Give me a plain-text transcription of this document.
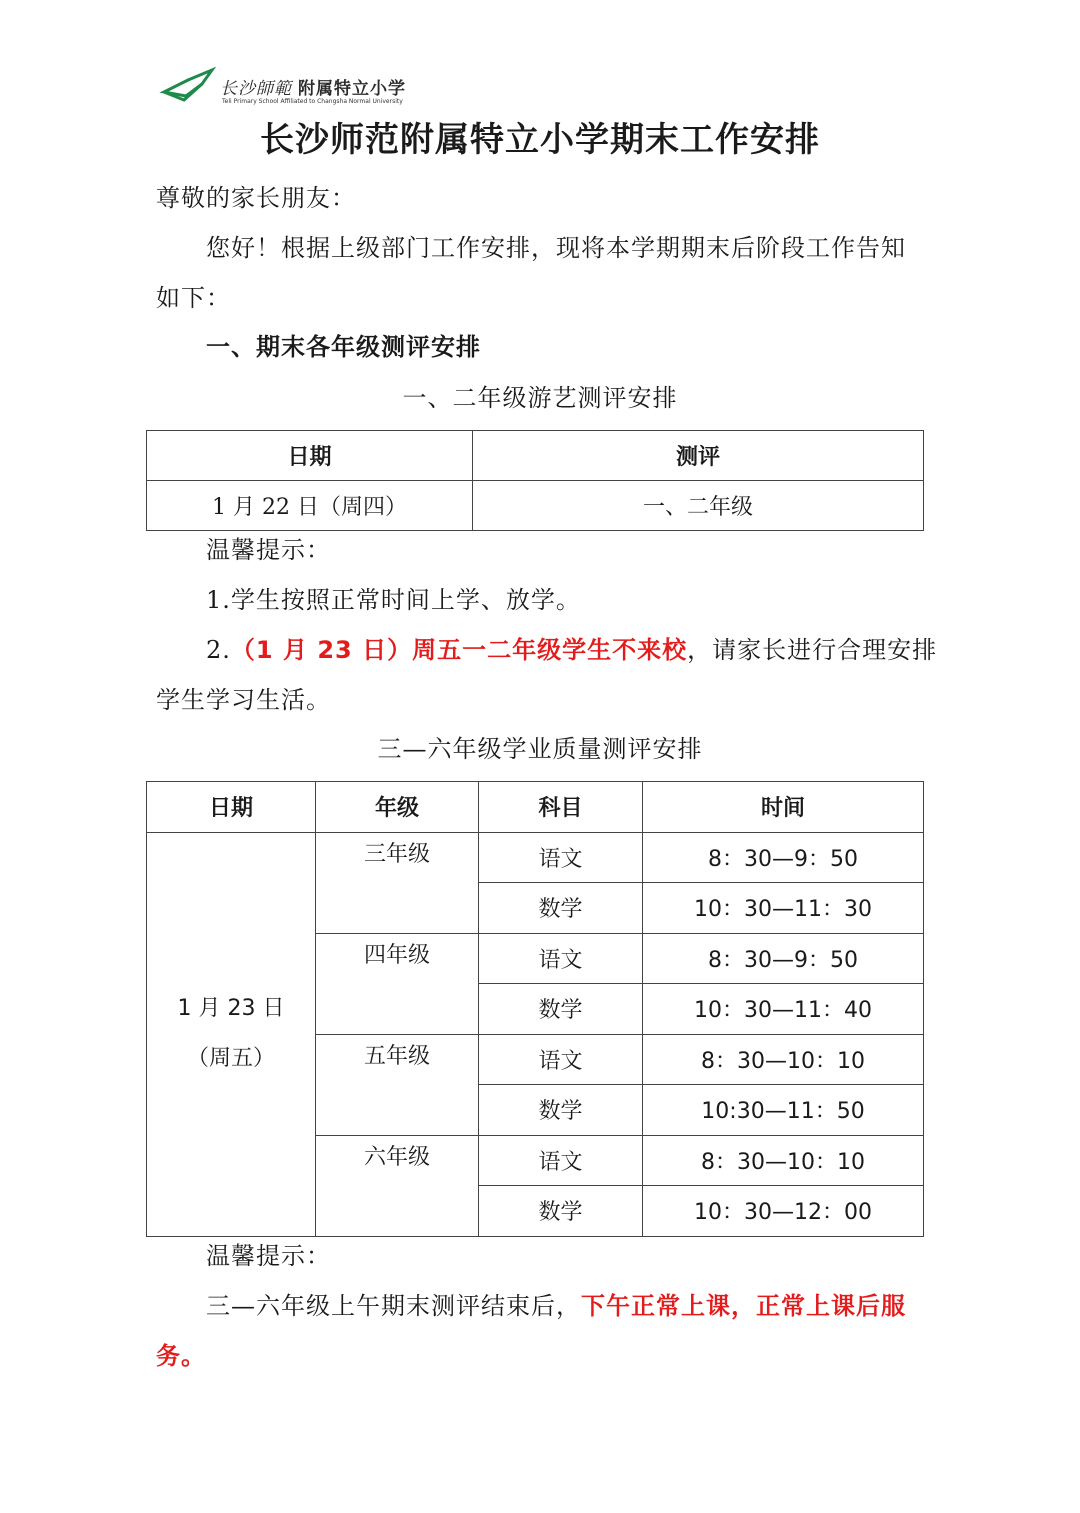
长沙師範 附属特立小学
Teli Primary School Affiliated to Changsha Normal University
长沙师范附属特立小学期末工作安排
尊敬的家长朋友：
您好！根据上级部门工作安排，现将本学期期末后阶段工作告知
如下：
一、期末各年级测评安排
一、二年级游艺测评安排
日期	测评
1 月 22 日（周四）	一、二年级
温馨提示：
1.学生按照正常时间上学、放学。
2.（1 月 23 日）周五一二年级学生不来校，请家长进行合理安排
学生学习生活。
三—六年级学业质量测评安排
日期	年级	科目	时间

1 月 23 日
（周五）	三年级	语文	8：30—9：50
		数学	10：30—11：30
	四年级	语文	8：30—9：50
		数学	10：30—11：40
	五年级	语文	8：30—10：10
		数学	10:30—11：50
	六年级	语文	8：30—10：10
		数学	10：30—12：00
温馨提示：
三—六年级上午期末测评结束后，下午正常上课，正常上课后服
务。
